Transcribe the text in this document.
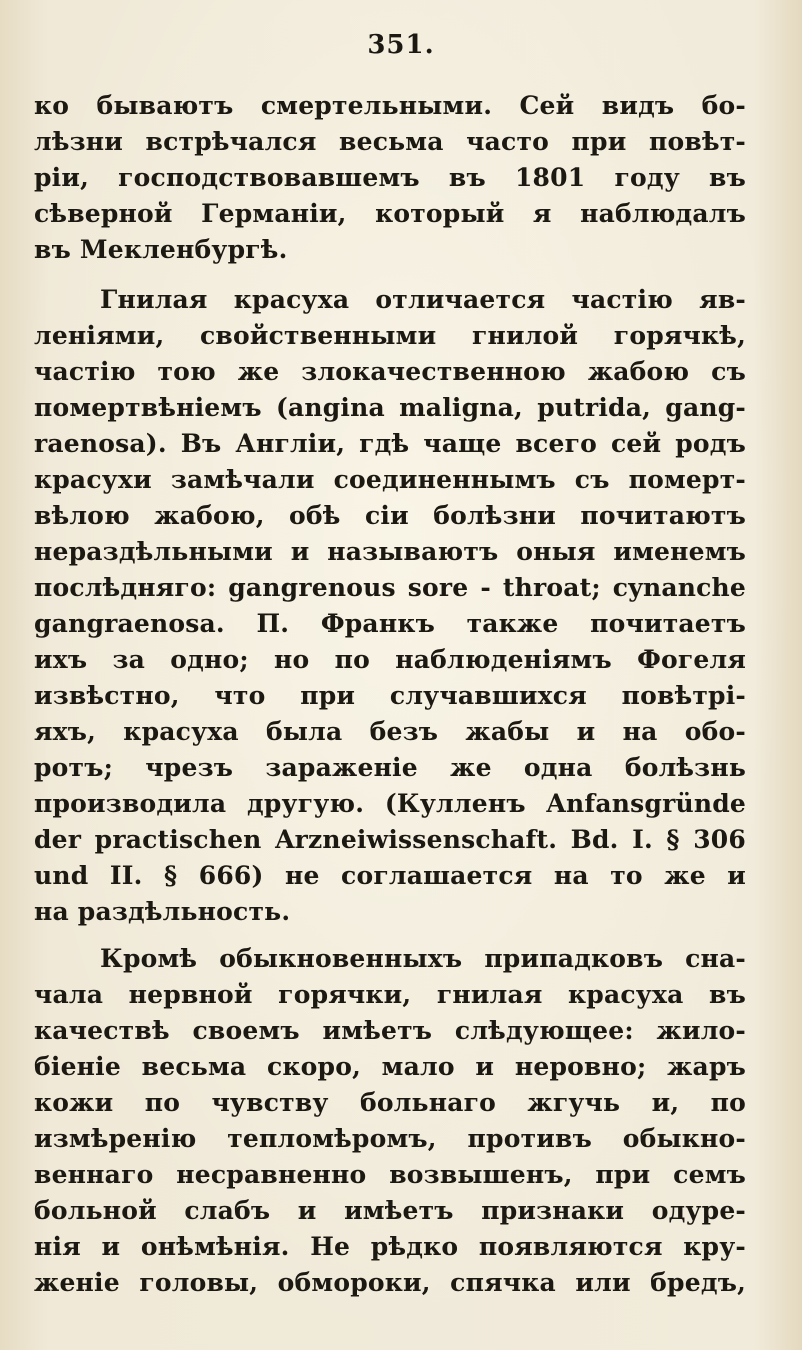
351.
ко бываютъ смертельными. Сей видъ бо-
лѣзни встрѣчался весьма часто при повѣт-
ріи, господствовавшемъ въ 1801 году въ
сѣверной Германіи, который я наблюдалъ
въ Мекленбургѣ.
Гнилая красуха отличается частію яв-
леніями, свойственными гнилой горячкѣ,
частію тою же злокачественною жабою съ
помертвѣніемъ (angina maligna, putrida, gang-
raenosa). Въ Англіи, гдѣ чаще всего сей родъ
красухи замѣчали соединеннымъ съ померт-
вѣлою жабою, обѣ сіи болѣзни почитаютъ
нераздѣльными и называютъ оныя именемъ
послѣдняго: gangrenous sore - throat; cynanche
gangraenosa. П. Франкъ также почитаетъ
ихъ за одно; но по наблюденіямъ Фогеля
извѣстно, что при случавшихся повѣтрі-
яхъ, красуха была безъ жабы и на обо-
ротъ; чрезъ зараженіе же одна болѣзнь
производила другую. (Кулленъ Anfansgründe
der practischen Arzneiwissenschaft. Bd. I. § 306
und II. § 666) не соглашается на то же и
на раздѣльность.
Кромѣ обыкновенныхъ припадковъ сна-
чала нервной горячки, гнилая красуха въ
качествѣ своемъ имѣетъ слѣдующее: жило-
біеніе весьма скоро, мало и неровно; жаръ
кожи по чувству больнаго жгучь и, по
измѣренію тепломѣромъ, противъ обыкно-
веннаго несравненно возвышенъ, при семъ
больной слабъ и имѣетъ признаки одуре-
нія и онѣмѣнія. Не рѣдко появляются кру-
женіе головы, обмороки, спячка или бредъ,
